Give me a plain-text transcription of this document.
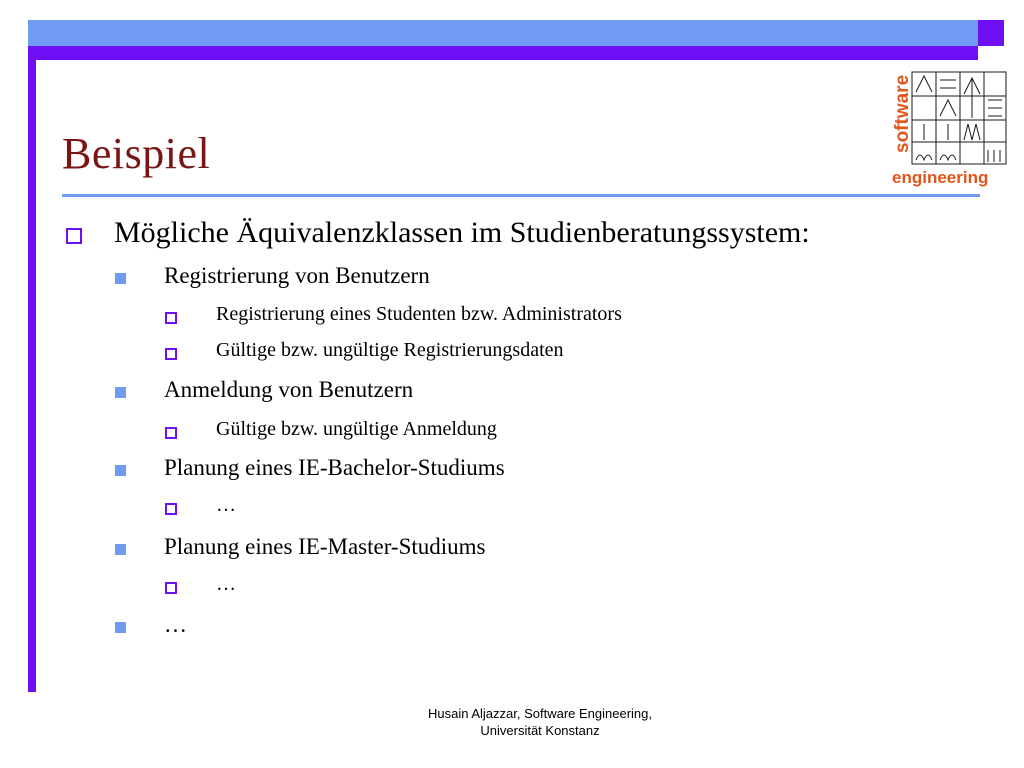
Beispiel
software
engineering
Mögliche Äquivalenzklassen im Studienberatungssystem:
Registrierung von Benutzern
Registrierung eines Studenten bzw. Administrators
Gültige bzw. ungültige Registrierungsdaten
Anmeldung von Benutzern
Gültige bzw. ungültige Anmeldung
Planung eines IE-Bachelor-Studiums
…
Planung eines IE-Master-Studiums
…
…
Husain Aljazzar, Software Engineering,
Universität Konstanz
